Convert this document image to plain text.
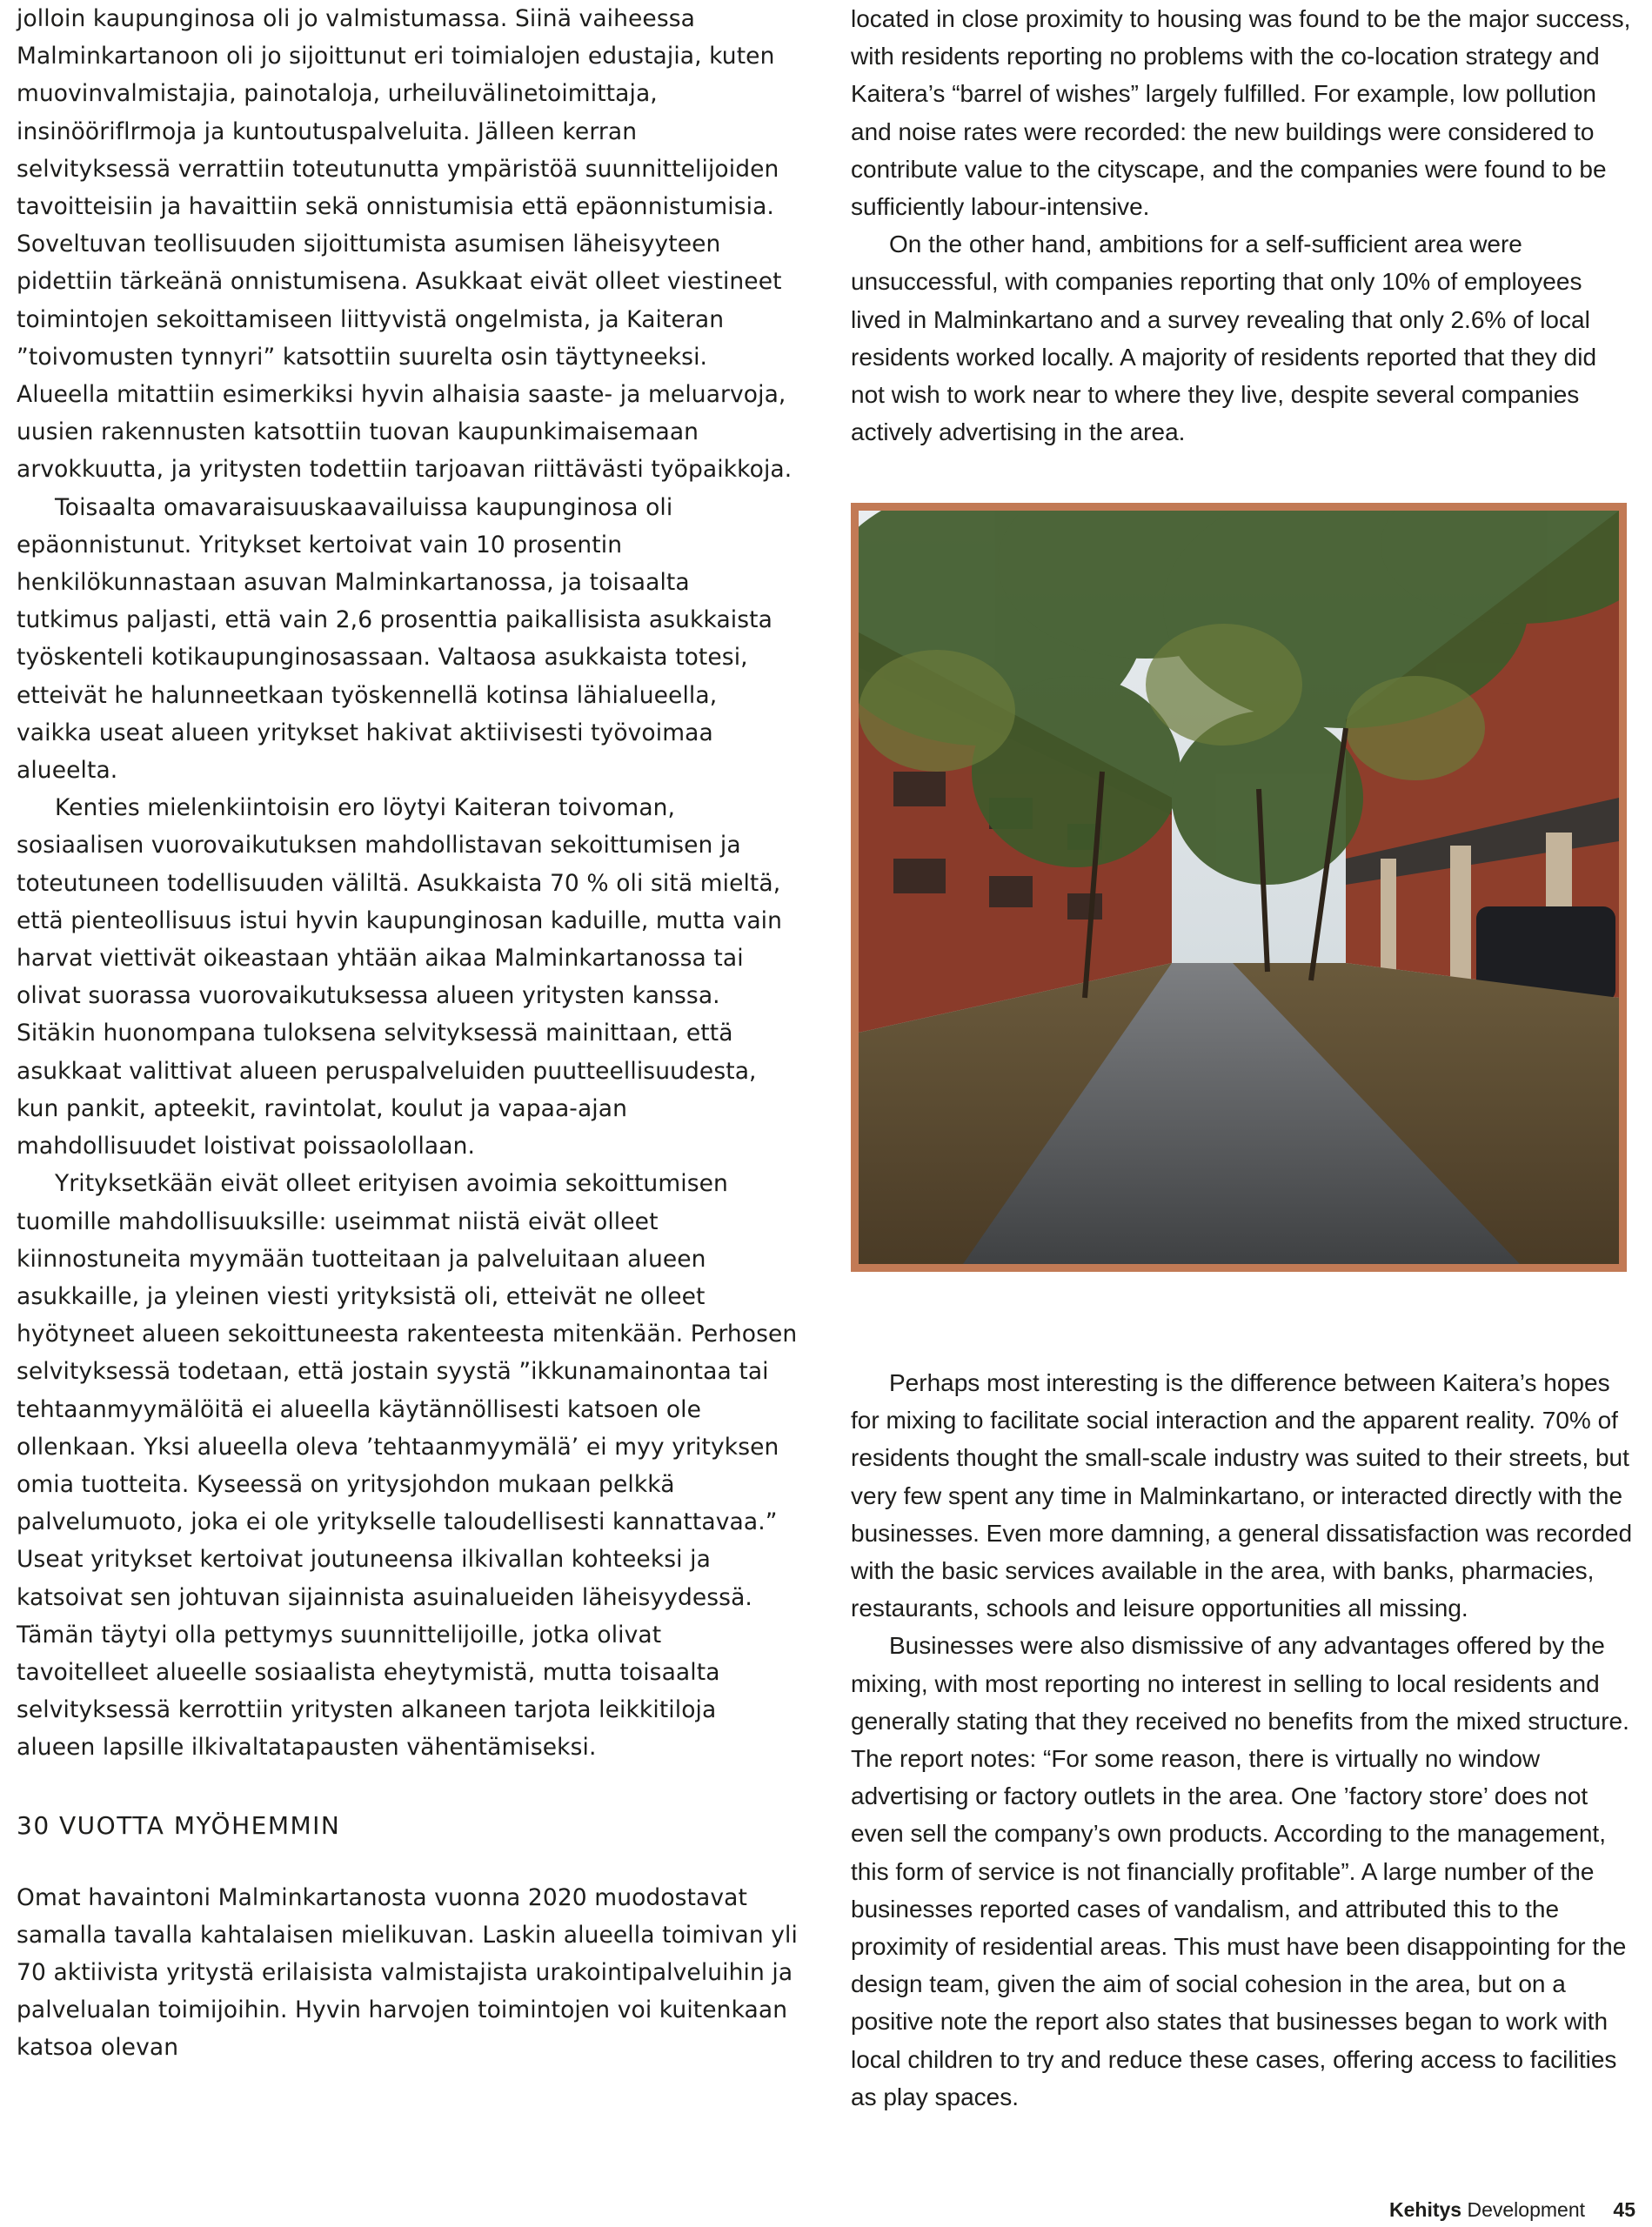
jolloin kaupunginosa oli jo valmistumassa. Siinä vaiheessa Malminkartanoon oli jo sijoittunut eri toimialojen edustajia, kuten muovinvalmistajia, painotaloja, urheiluvälinetoimittaja, insinööriflrmoja ja kuntoutuspalveluita. Jälleen kerran selvityksessä verrattiin toteutunutta ympäristöä suunnittelijoiden tavoitteisiin ja havaittiin sekä onnistumisia että epäonnistumisia. Soveltuvan teollisuuden sijoittumista asumisen läheisyyteen pidettiin tärkeänä onnistumisena. Asukkaat eivät olleet viestineet toimintojen sekoittamiseen liittyvistä ongelmista, ja Kaiteran ”toivomusten tynnyri” katsottiin suurelta osin täyttyneeksi. Alueella mitattiin esimerkiksi hyvin alhaisia saaste- ja meluarvoja, uusien rakennusten katsottiin tuovan kaupunkimaisemaan arvokkuutta, ja yritysten todettiin tarjoavan riittävästi työpaikkoja.

Toisaalta omavaraisuuskaavailuissa kaupunginosa oli epäonnistunut. Yritykset kertoivat vain 10 prosentin henkilökunnastaan asuvan Malminkartanossa, ja toisaalta tutkimus paljasti, että vain 2,6 prosenttia paikallisista asukkaista työskenteli kotikaupunginosassaan. Valtaosa asukkaista totesi, etteivät he halunneetkaan työskennellä kotinsa lähialueella, vaikka useat alueen yritykset hakivat aktiivisesti työvoimaa alueelta.

Kenties mielenkiintoisin ero löytyi Kaiteran toivoman, sosiaalisen vuorovaikutuksen mahdollistavan sekoittumisen ja toteutuneen todellisuuden väliltä. Asukkaista 70 % oli sitä mieltä, että pienteollisuus istui hyvin kaupunginosan kaduille, mutta vain harvat viettivät oikeastaan yhtään aikaa Malminkartanossa tai olivat suorassa vuorovaikutuksessa alueen yritysten kanssa. Sitäkin huonompana tuloksena selvityksessä mainittaan, että asukkaat valittivat alueen peruspalveluiden puutteellisuudesta, kun pankit, apteekit, ravintolat, koulut ja vapaa-ajan mahdollisuudet loistivat poissaolollaan.

Yrityksetkään eivät olleet erityisen avoimia sekoittumisen tuomille mahdollisuuksille: useimmat niistä eivät olleet kiinnostuneita myymään tuotteitaan ja palveluitaan alueen asukkaille, ja yleinen viesti yrityksistä oli, etteivät ne olleet hyötyneet alueen sekoittuneesta rakenteesta mitenkään. Perhosen selvityksessä todetaan, että jostain syystä ”ikkunamainontaa tai tehtaanmyymälöitä ei alueella käytännöllisesti katsoen ole ollenkaan. Yksi alueella oleva ’tehtaanmyymälä’ ei myy yrityksen omia tuotteita. Kyseessä on yritysjohdon mukaan pelkkä palvelumuoto, joka ei ole yritykselle taloudellisesti kannattavaa.” Useat yritykset kertoivat joutuneensa ilkivallan kohteeksi ja katsoivat sen johtuvan sijainnista asuinalueiden läheisyydessä. Tämän täytyi olla pettymys suunnittelijoille, jotka olivat tavoitelleet alueelle sosiaalista eheytymistä, mutta toisaalta selvityksessä kerrottiin yritysten alkaneen tarjota leikkitiloja alueen lapsille ilkivaltatapausten vähentämiseksi.

30 VUOTTA MYÖHEMMIN

Omat havaintoni Malminkartanosta vuonna 2020 muodostavat samalla tavalla kahtalaisen mielikuvan. Laskin alueella toimivan yli 70 aktiivista yritystä erilaisista valmistajista urakointipalveluihin ja palvelualan toimijoihin. Hyvin harvojen toimintojen voi kuitenkaan katsoa olevan

located in close proximity to housing was found to be the major success, with residents reporting no problems with the co-location strategy and Kaitera’s “barrel of wishes” largely fulfilled. For example, low pollution and noise rates were recorded: the new buildings were considered to contribute value to the cityscape, and the companies were found to be sufficiently labour-intensive.

On the other hand, ambitions for a self-sufficient area were unsuccessful, with companies reporting that only 10% of employees lived in Malminkartano and a survey revealing that only 2.6% of local residents worked locally. A majority of residents reported that they did not wish to work near to where they live, despite several companies actively advertising in the area.

Perhaps most interesting is the difference between Kaitera’s hopes for mixing to facilitate social interaction and the apparent reality. 70% of residents thought the small-scale industry was suited to their streets, but very few spent any time in Malminkartano, or interacted directly with the businesses. Even more damning, a general dissatisfaction was recorded with the basic services available in the area, with banks, pharmacies, restaurants, schools and leisure opportunities all missing.

Businesses were also dismissive of any advantages offered by the mixing, with most reporting no interest in selling to local residents and generally stating that they received no benefits from the mixed structure. The report notes: “For some reason, there is virtually no window advertising or factory outlets in the area. One ’factory store’ does not even sell the company’s own products. According to the management, this form of service is not financially profitable”. A large number of the businesses reported cases of vandalism, and attributed this to the proximity of residential areas. This must have been disappointing for the design team, given the aim of social cohesion in the area, but on a positive note the report also states that businesses began to work with local children to try and reduce these cases, offering access to facilities as play spaces.

Kehitys Development 45
